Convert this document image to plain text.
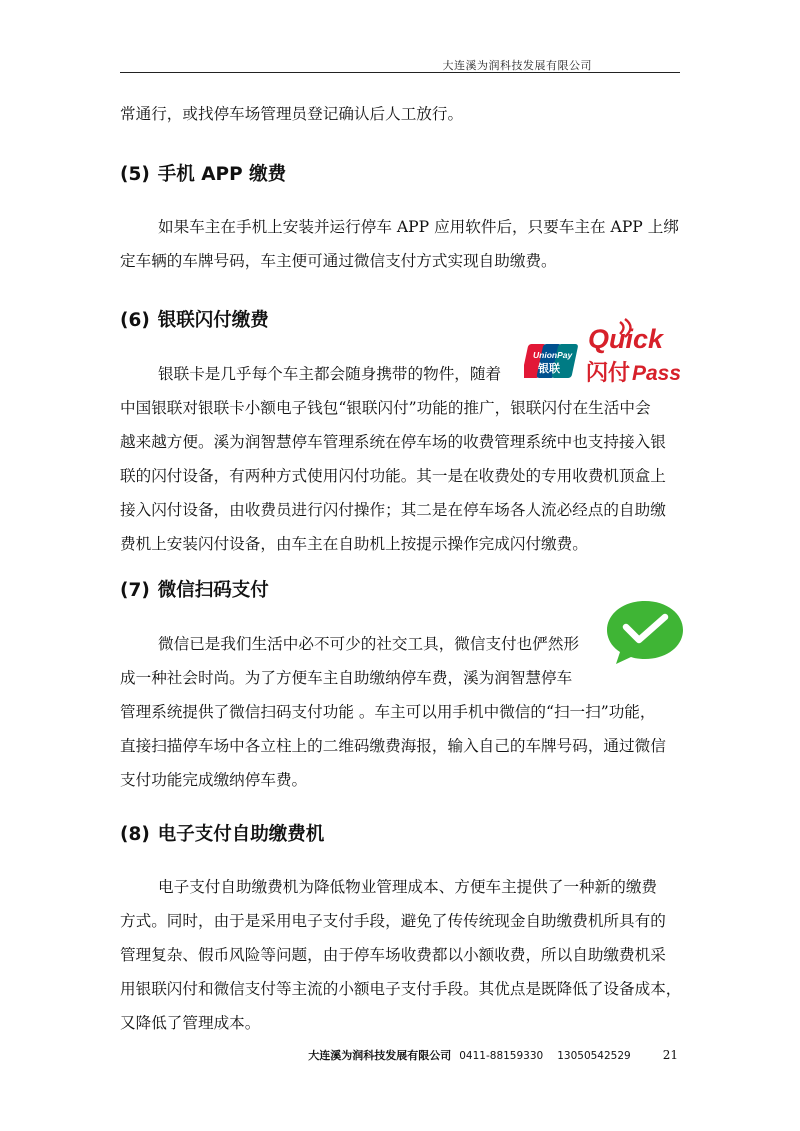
大连溪为润科技发展有限公司

常通行，或找停车场管理员登记确认后人工放行。

(5) 手机 APP 缴费

如果车主在手机上安装并运行停车 APP 应用软件后，只要车主在 APP 上绑
定车辆的车牌号码，车主便可通过微信支付方式实现自助缴费。

(6) 银联闪付缴费
UnionPay
银联
Quick
闪付 Pass

银联卡是几乎每个车主都会随身携带的物件，随着
中国银联对银联卡小额电子钱包“银联闪付”功能的推广，银联闪付在生活中会
越来越方便。溪为润智慧停车管理系统在停车场的收费管理系统中也支持接入银
联的闪付设备，有两种方式使用闪付功能。其一是在收费处的专用收费机顶盒上
接入闪付设备，由收费员进行闪付操作；其二是在停车场各人流必经点的自助缴
费机上安装闪付设备，由车主在自助机上按提示操作完成闪付缴费。

(7) 微信扫码支付

微信已是我们生活中必不可少的社交工具，微信支付也俨然形
成一种社会时尚。为了方便车主自助缴纳停车费，溪为润智慧停车
管理系统提供了微信扫码支付功能 。车主可以用手机中微信的“扫一扫”功能，
直接扫描停车场中各立柱上的二维码缴费海报，输入自己的车牌号码，通过微信
支付功能完成缴纳停车费。

(8) 电子支付自助缴费机

电子支付自助缴费机为降低物业管理成本、方便车主提供了一种新的缴费
方式。同时，由于是采用电子支付手段，避免了传传统现金自助缴费机所具有的
管理复杂、假币风险等问题，由于停车场收费都以小额收费，所以自助缴费机采
用银联闪付和微信支付等主流的小额电子支付手段。其优点是既降低了设备成本，
又降低了管理成本。

大连溪为润科技发展有限公司 0411-88159330 13050542529	21
